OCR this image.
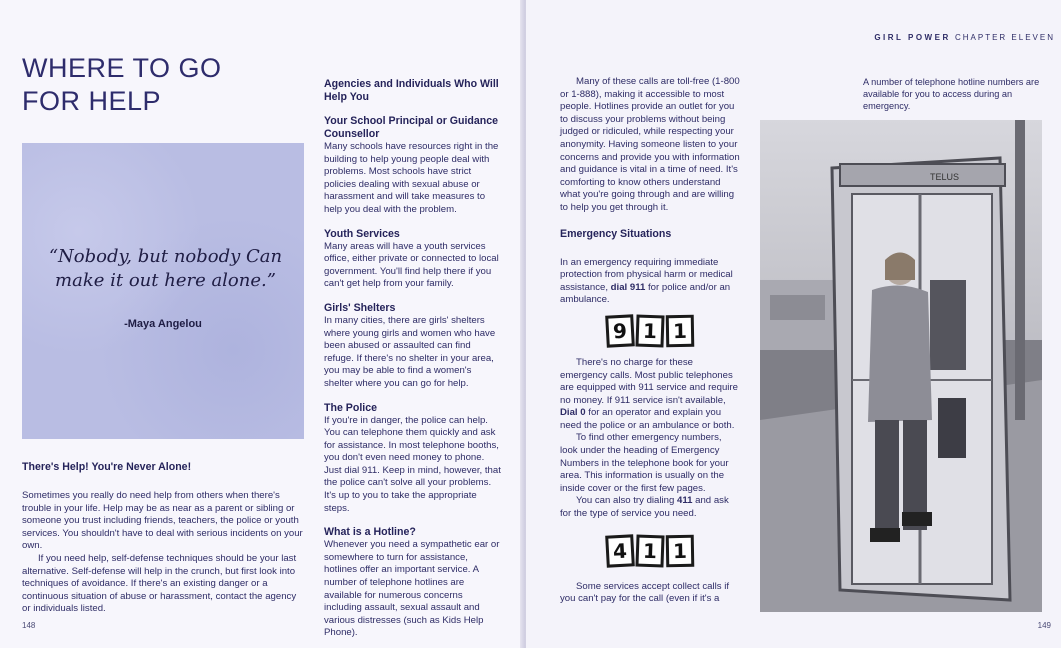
WHERE TO GO FOR HELP

“Nobody, but nobody Can make it out here alone.”

-Maya Angelou

There's Help! You're Never Alone!

Sometimes you really do need help from others when there's trouble in your life. Help may be as near as a parent or sibling or someone you trust including friends, teachers, the police or youth services. You shouldn't have to deal with serious incidents on your own.

If you need help, self-defense techniques should be your last alternative. Self-defense will help in the crunch, but first look into techniques of avoidance. If there's an existing danger or a continuous situation of abuse or harassment, contact the agency or individuals listed.

Agencies and Individuals Who Will Help You

Your School Principal or Guidance Counsellor

Many schools have resources right in the building to help young people deal with problems. Most schools have strict policies dealing with sexual abuse or harassment and will take measures to help you deal with the problem.

Youth Services

Many areas will have a youth services office, either private or connected to local government. You'll find help there if you can't get help from your family.

Girls' Shelters

In many cities, there are girls' shelters where young girls and women who have been abused or assaulted can find refuge. If there's no shelter in your area, you may be able to find a women's shelter where you can go for help.

The Police

If you're in danger, the police can help. You can telephone them quickly and ask for assistance. In most telephone booths, you don't even need money to phone. Just dial 911. Keep in mind, however, that the police can't solve all your problems. It's up to you to take the appropriate steps.

What is a Hotline?

Whenever you need a sympathetic ear or somewhere to turn for assistance, hotlines offer an important service. A number of telephone hotlines are available for numerous concerns including assault, sexual assault and various distresses (such as Kids Help Phone).

148
GIRL POWER CHAPTER ELEVEN

Many of these calls are toll-free (1-800 or 1-888), making it accessible to most people. Hotlines provide an outlet for you to discuss your problems without being judged or ridiculed, while respecting your anonymity. Having someone listen to your concerns and provide you with information and guidance is vital in a time of need. It's comforting to know others understand what you're going through and are willing to help you get through it.

Emergency Situations

In an emergency requiring immediate protection from physical harm or medical assistance, dial 911 for police and/or an ambulance.

9 1 1

There's no charge for these emergency calls. Most public telephones are equipped with 911 service and require no money. If 911 service isn't available, Dial 0 for an operator and explain you need the police or an ambulance or both.

To find other emergency numbers, look under the heading of Emergency Numbers in the telephone book for your area. This information is usually on the inside cover or the first few pages.

You can also try dialing 411 and ask for the type of service you need.

4 1 1

Some services accept collect calls if you can't pay for the call (even if it's a

A number of telephone hotline numbers are available for you to access during an emergency.
TELUS
149
